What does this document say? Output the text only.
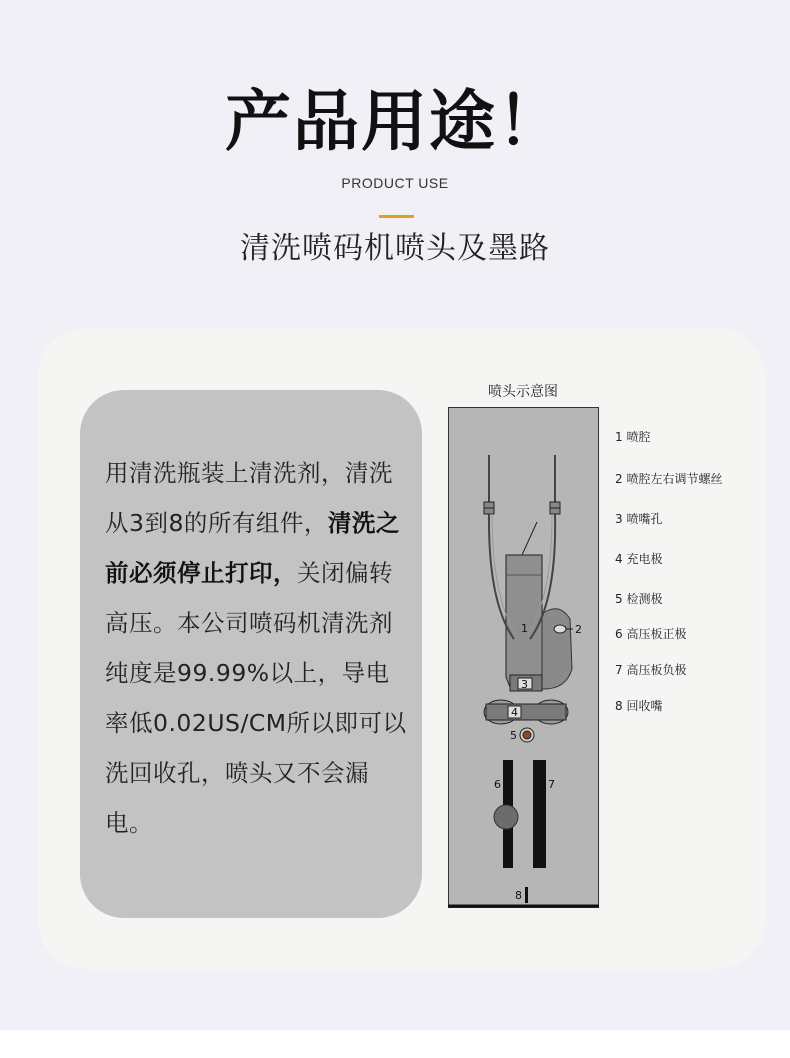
产品用途！
PRODUCT USE
清洗喷码机喷头及墨路
用清洗瓶装上清洗剂，清洗从3到8的所有组件，清洗之前必须停止打印，关闭偏转高压。本公司喷码机清洗剂纯度是99.99%以上，导电率低0.02US/CM所以即可以洗回收孔，喷头又不会漏电。
喷头示意图
1	2
3
4
5
6	7
8
1 喷腔
2 喷腔左右调节螺丝
3 喷嘴孔
4 充电极
5 检测极
6 高压板正极
7 高压板负极
8 回收嘴
